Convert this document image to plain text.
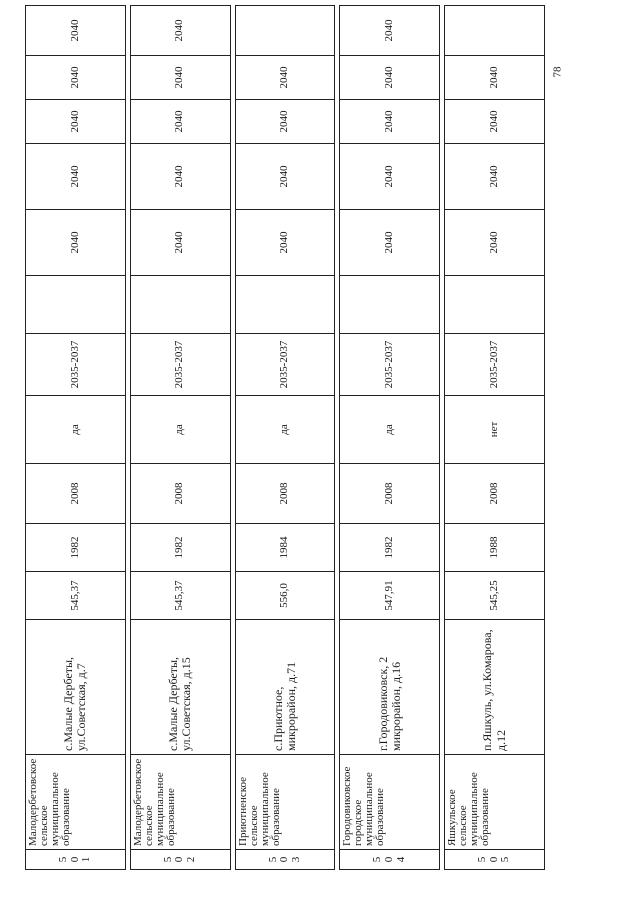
78
5 0 1	Малодербетовское сельское муниципальное образование	с.Малые Дербеты, ул.Советская, д.7	545,37	1982	2008	да	2035-2037		2040	2040	2040	2040	2040

5 0 2	Малодербетовское сельское муниципальное образование	с.Малые Дербеты, ул.Советская, д.15	545,37	1982	2008	да	2035-2037		2040	2040	2040	2040	2040

5 0 3	Приютненское сельское муниципальное образование	с.Приютное, микрорайон, д.71	556,0	1984	2008	да	2035-2037		2040	2040	2040	2040	

5 0 4	Городовиковское городское муниципальное образование	г.Городовиковск, 2 микрорайон, д.16	547,91	1982	2008	да	2035-2037		2040	2040	2040	2040	2040

5 0 5	Яшкульское сельское муниципальное образование	п.Яшкуль, ул.Комарова, д.12	545,25	1988	2008	нет	2035-2037		2040	2040	2040	2040	
